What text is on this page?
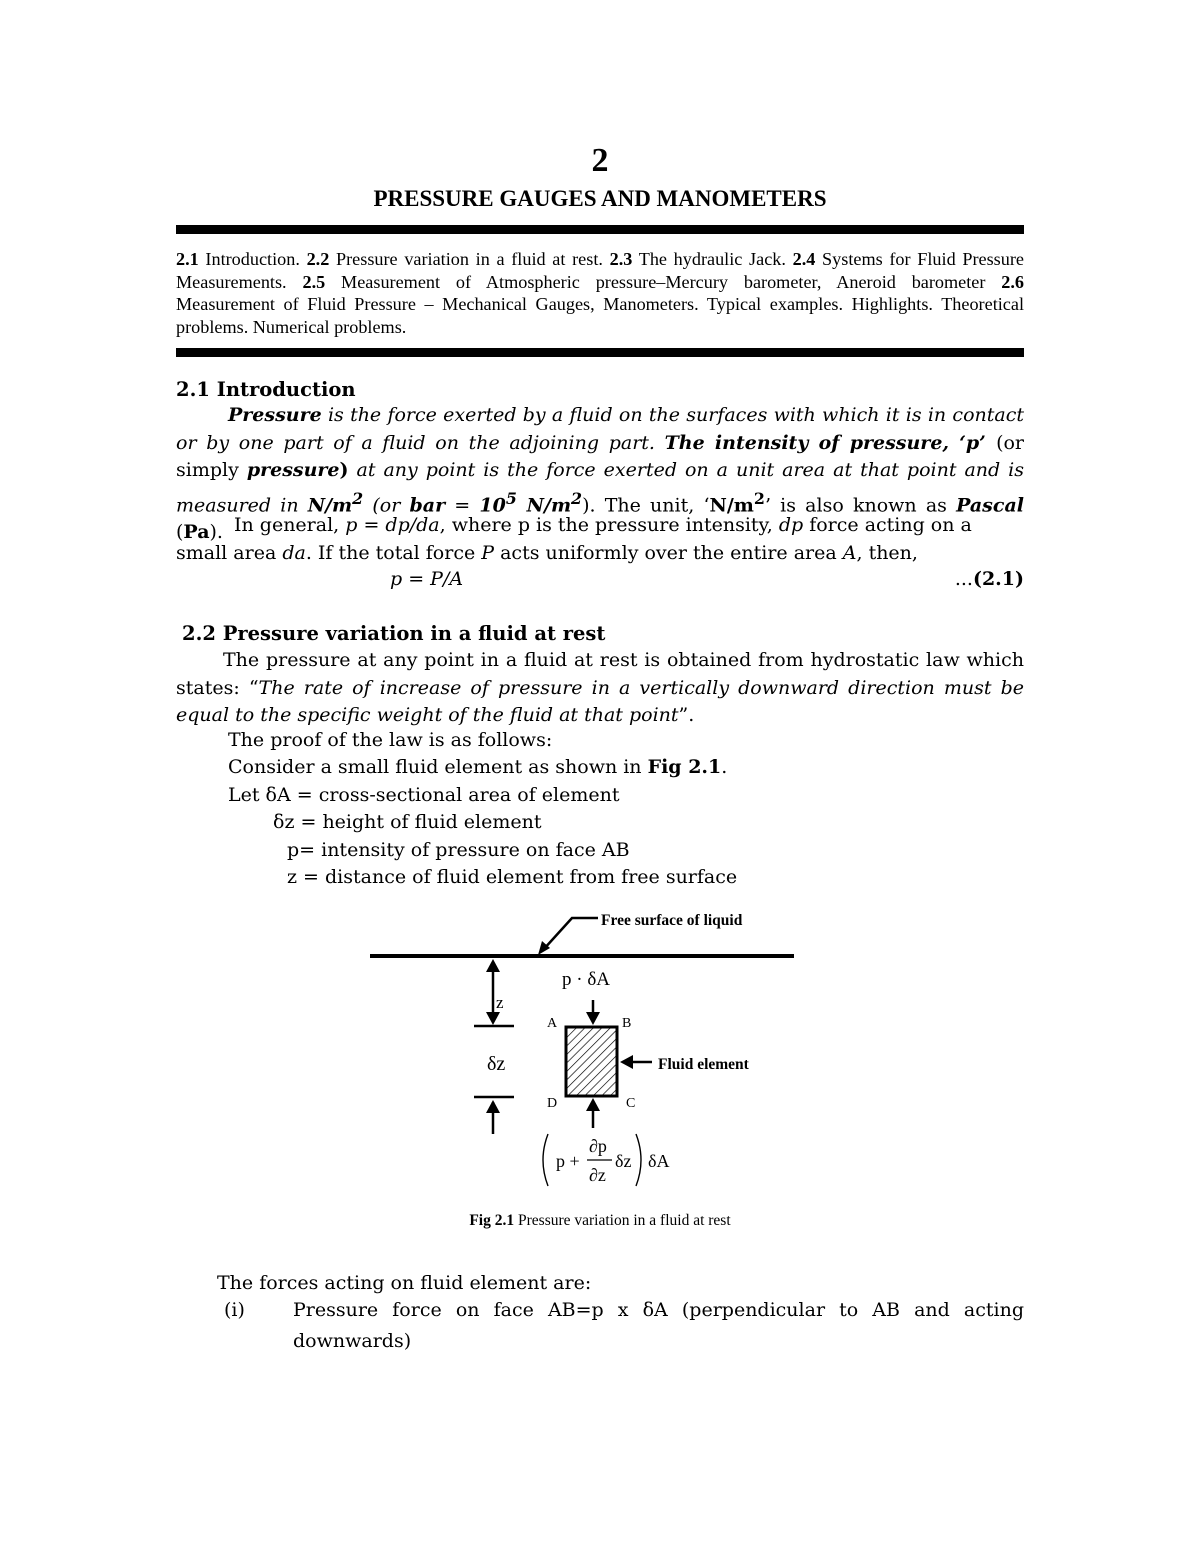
2
PRESSURE GAUGES AND MANOMETERS
2.1 Introduction. 2.2 Pressure variation in a fluid at rest. 2.3 The hydraulic Jack. 2.4 Systems for Fluid Pressure Measurements. 2.5 Measurement of Atmospheric pressure–Mercury barometer, Aneroid barometer 2.6 Measurement of Fluid Pressure – Mechanical Gauges, Manometers. Typical examples. Highlights. Theoretical problems. Numerical problems.
2.1 Introduction
Pressure is the force exerted by a fluid on the surfaces with which it is in contact or by one part of a fluid on the adjoining part. The intensity of pressure, ‘p’ (or simply pressure) at any point is the force exerted on a unit area at that point and is measured in $N/m^2$ (or bar = $10^5$ $N/m^2$). The unit, ‘$N/m^2$’ is also known as Pascal (Pa). In general, p = dp/da, where p is the pressure intensity, dp force acting on a small area da. If the total force P acts uniformly over the entire area A, then,
p = P/A	...(2.1)
2.2 Pressure variation in a fluid at rest
The pressure at any point in a fluid at rest is obtained from hydrostatic law which states: “The rate of increase of pressure in a vertically downward direction must be equal to the specific weight of the fluid at that point”.
The proof of the law is as follows:
Consider a small fluid element as shown in Fig 2.1.
Let δA = cross-sectional area of element
δz = height of fluid element
p= intensity of pressure on face AB
z = distance of fluid element from free surface
Free surface of liquid
z
δz
p · δA
A	B
D	C
Fluid element
p +
∂p
∂z
δz δA
Fig 2.1 Pressure variation in a fluid at rest
The forces acting on fluid element are:
(i)	Pressure force on face AB=p x δA (perpendicular to AB and acting
downwards)
